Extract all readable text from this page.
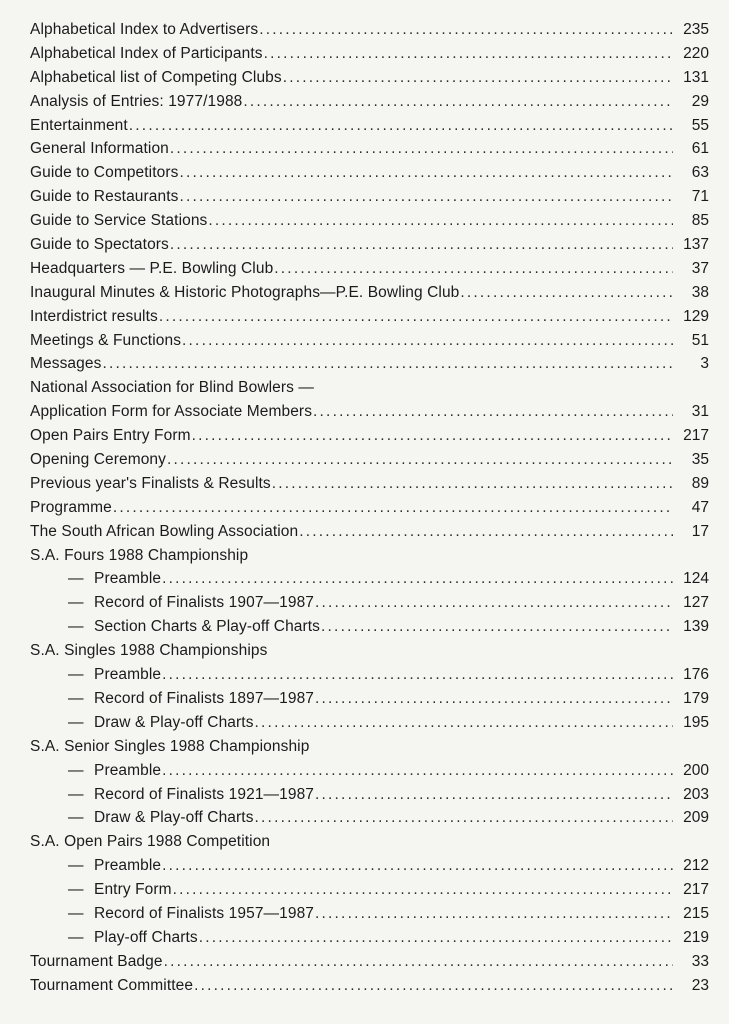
Alphabetical Index to Advertisers .....	235
Alphabetical Index of Participants .....	220
Alphabetical list of Competing Clubs .....	131
Analysis of Entries: 1977/1988 .....	29
Entertainment .....	55
General Information .....	61
Guide to Competitors .....	63
Guide to Restaurants .....	71
Guide to Service Stations .....	85
Guide to Spectators .....	137
Headquarters — P.E. Bowling Club .....	37
Inaugural Minutes & Historic Photographs—P.E. Bowling Club .....	38
Interdistrict results .....	129
Meetings & Functions .....	51
Messages .....	3
National Association for Blind Bowlers —
Application Form for Associate Members .....	31
Open Pairs Entry Form .....	217
Opening Ceremony .....	35
Previous year's Finalists & Results .....	89
Programme .....	47
The South African Bowling Association .....	17
S.A. Fours 1988 Championship
— Preamble .....	124
— Record of Finalists 1907—1987 .....	127
— Section Charts & Play-off Charts .....	139
S.A. Singles 1988 Championships
— Preamble .....	176
— Record of Finalists 1897—1987 .....	179
— Draw & Play-off Charts .....	195
S.A. Senior Singles 1988 Championship
— Preamble .....	200
— Record of Finalists 1921—1987 .....	203
— Draw & Play-off Charts .....	209
S.A. Open Pairs 1988 Competition
— Preamble .....	212
— Entry Form .....	217
— Record of Finalists 1957—1987 .....	215
— Play-off Charts .....	219
Tournament Badge .....	33
Tournament Committee .....	23
